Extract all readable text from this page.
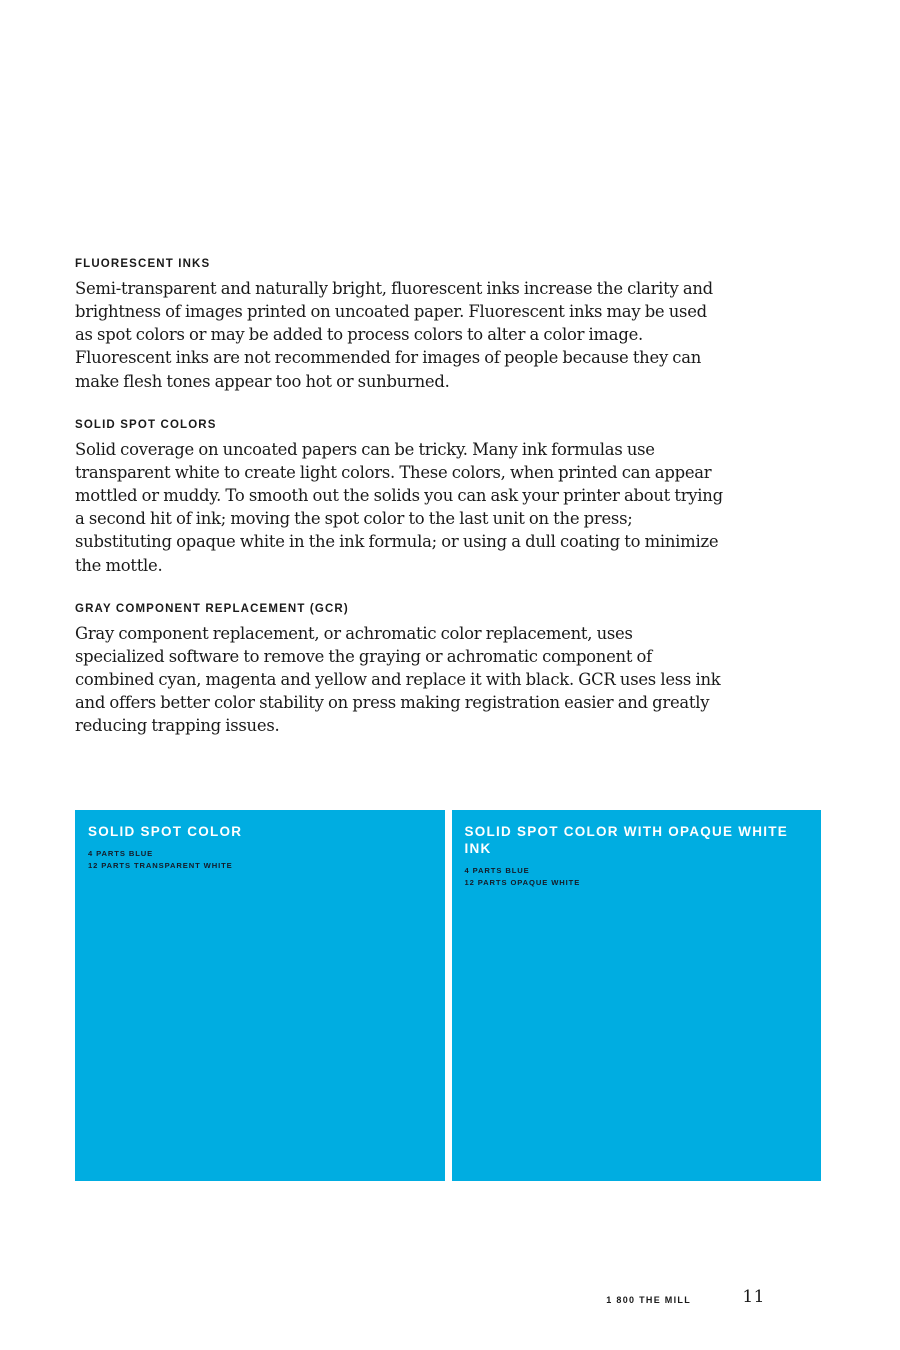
FLUORESCENT INKS

Semi-transparent and naturally bright, fluorescent inks increase the clarity and brightness of images printed on uncoated paper. Fluorescent inks may be used as spot colors or may be added to process colors to alter a color image. Fluorescent inks are not recommended for images of people because they can make flesh tones appear too hot or sunburned.

SOLID SPOT COLORS

Solid coverage on uncoated papers can be tricky. Many ink formulas use transparent white to create light colors. These colors, when printed can appear mottled or muddy. To smooth out the solids you can ask your printer about trying a second hit of ink; moving the spot color to the last unit on the press; substituting opaque white in the ink formula; or using a dull coating to minimize the mottle.

GRAY COMPONENT REPLACEMENT (GCR)

Gray component replacement, or achromatic color replacement, uses specialized software to remove the graying or achromatic component of combined cyan, magenta and yellow and replace it with black. GCR uses less ink and offers better color stability on press making registration easier and greatly reducing trapping issues.

SOLID SPOT COLOR
4 PARTS BLUE
12 PARTS TRANSPARENT WHITE
SOLID SPOT COLOR WITH OPAQUE WHITE INK
4 PARTS BLUE
12 PARTS OPAQUE WHITE
1 800 THE MILL	11
